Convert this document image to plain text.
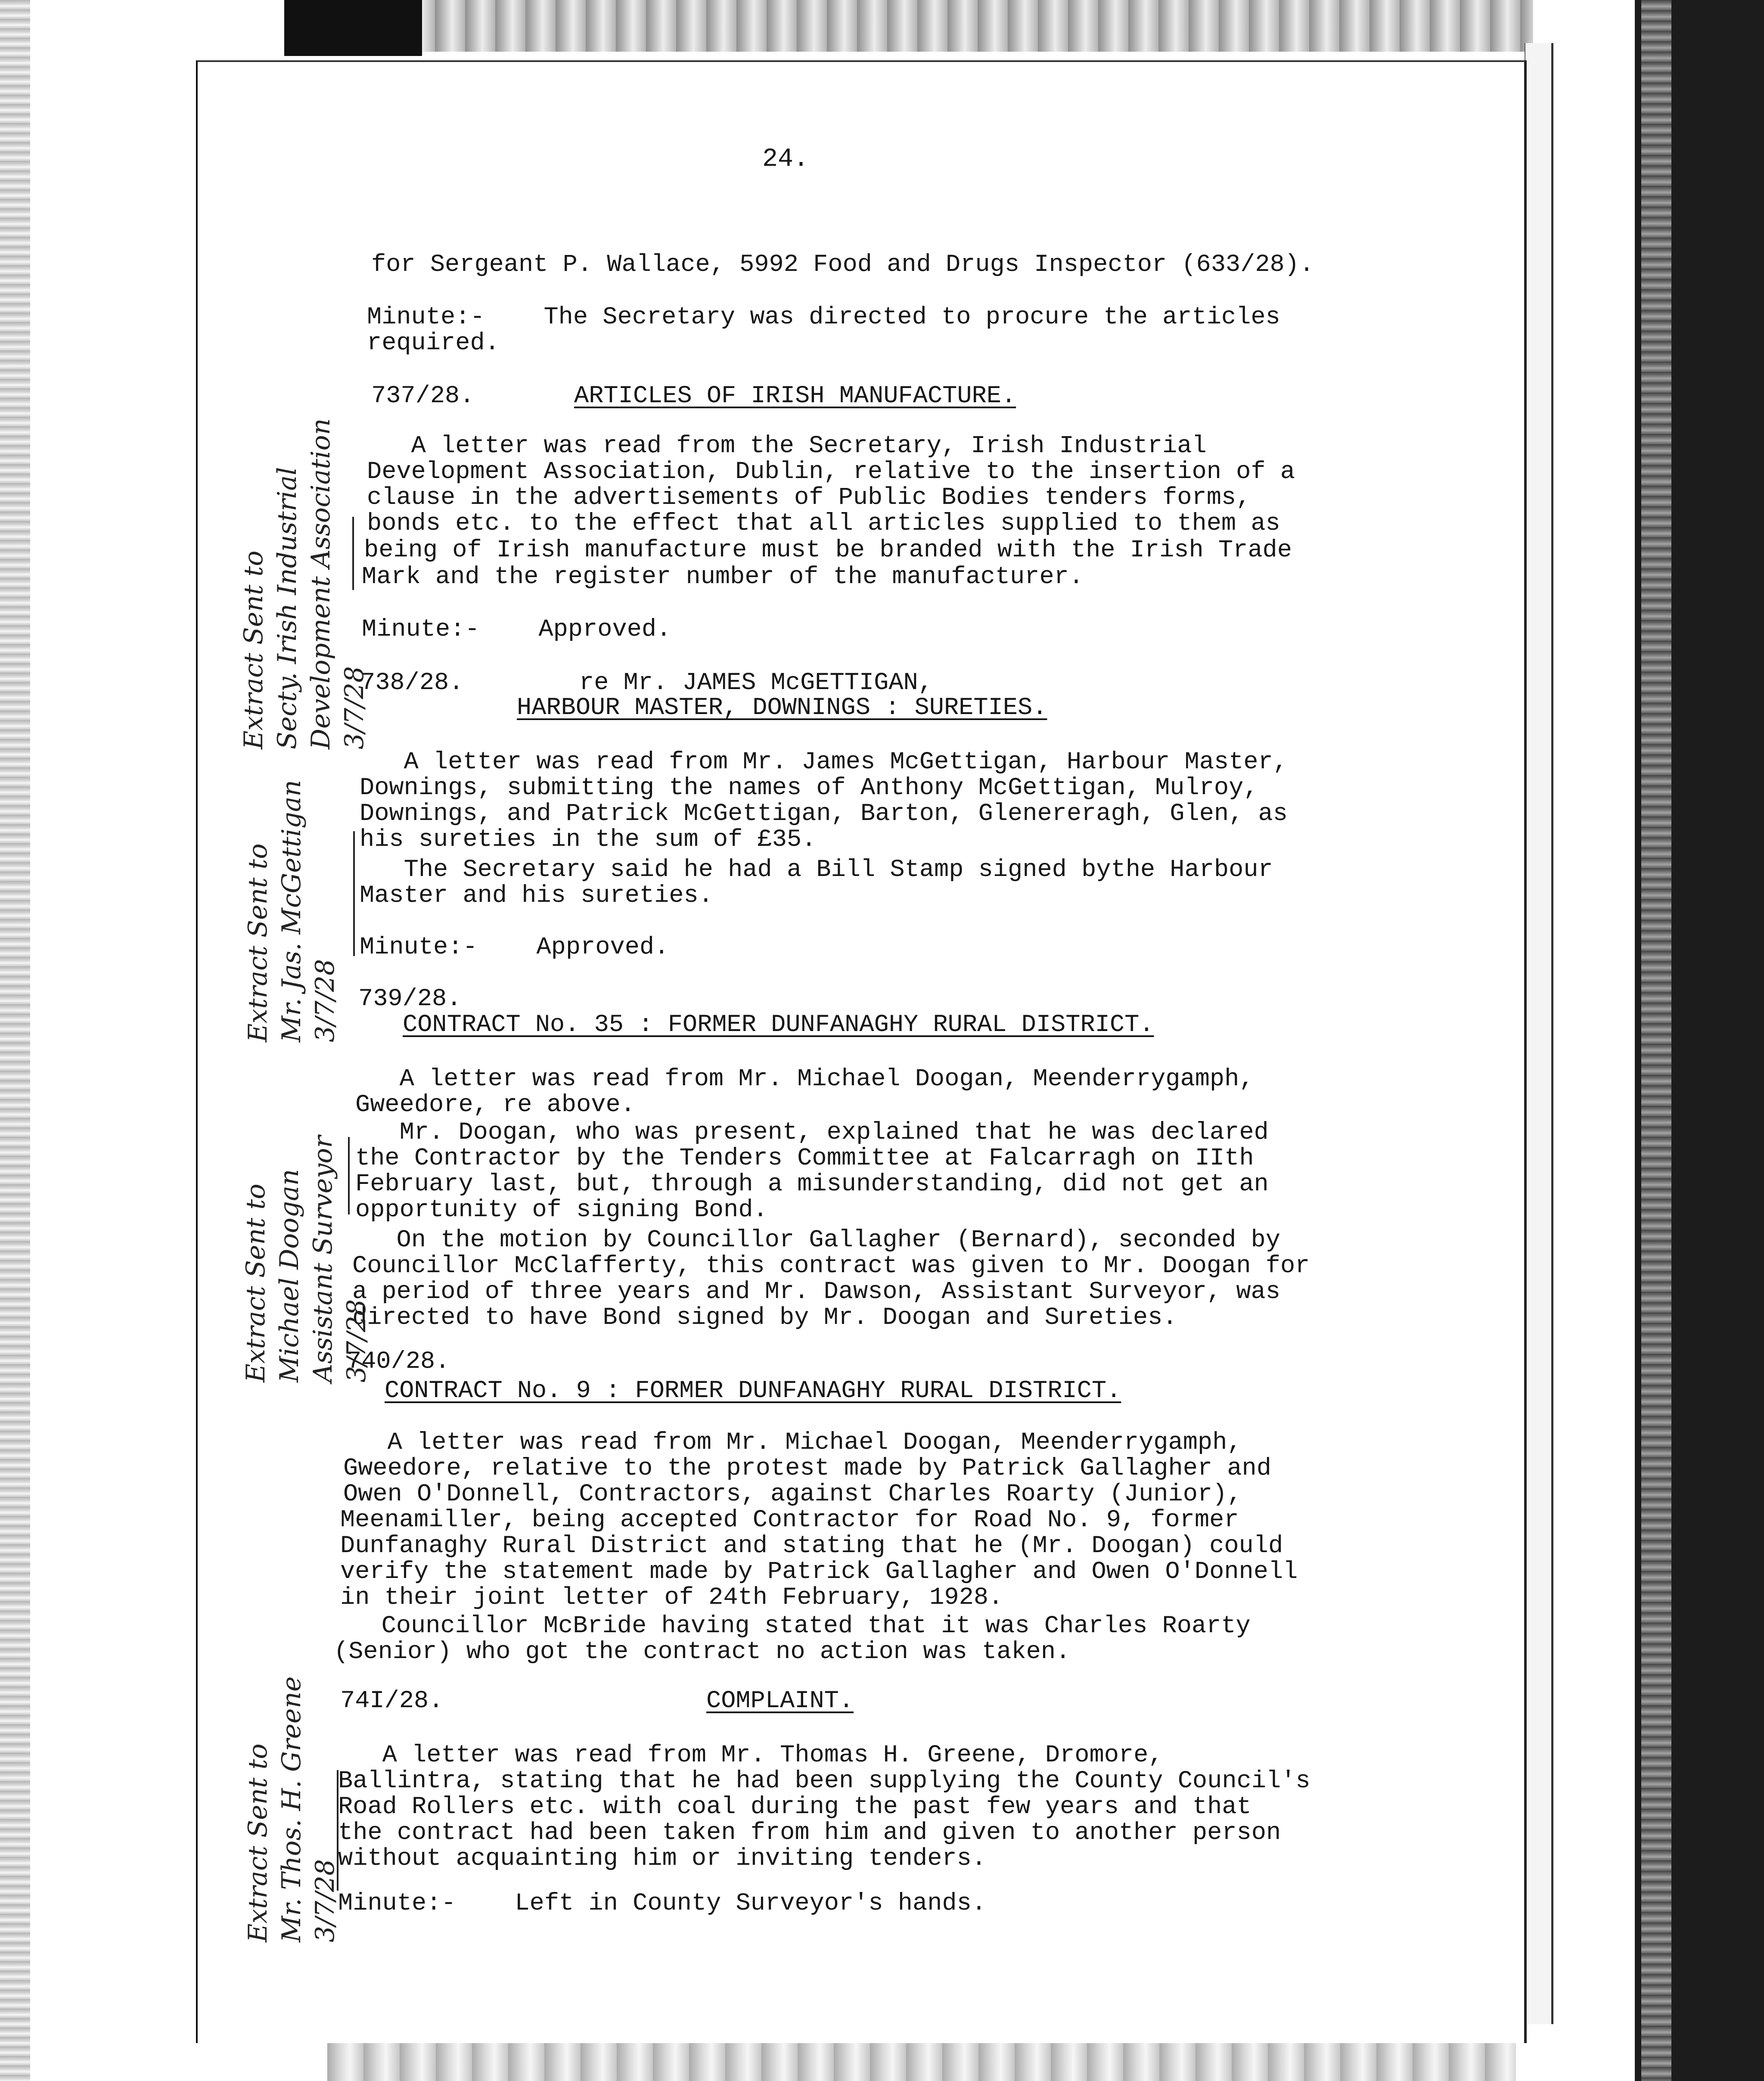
24.
for Sergeant P. Wallace, 5992 Food and Drugs Inspector (633/28).
Minute:-    The Secretary was directed to procure the articles
required.
737/28.	ARTICLES OF IRISH MANUFACTURE.
A letter was read from the Secretary, Irish Industrial
Development Association, Dublin, relative to the insertion of a
clause in the advertisements of Public Bodies tenders forms,
bonds etc. to the effect that all articles supplied to them as
being of Irish manufacture must be branded with the Irish Trade
Mark and the register number of the manufacturer.
Minute:-    Approved.
738/28.	re Mr. JAMES McGETTIGAN,
HARBOUR MASTER, DOWNINGS : SURETIES.
A letter was read from Mr. James McGettigan, Harbour Master,
Downings, submitting the names of Anthony McGettigan, Mulroy,
Downings, and Patrick McGettigan, Barton, Glenereragh, Glen, as
his sureties in the sum of £35.
The Secretary said he had a Bill Stamp signed bythe Harbour
Master and his sureties.
Minute:-    Approved.
739/28.
CONTRACT No. 35 : FORMER DUNFANAGHY RURAL DISTRICT.
A letter was read from Mr. Michael Doogan, Meenderrygamph,
Gweedore, re above.
Mr. Doogan, who was present, explained that he was declared
the Contractor by the Tenders Committee at Falcarragh on IIth
February last, but, through a misunderstanding, did not get an
opportunity of signing Bond.
On the motion by Councillor Gallagher (Bernard), seconded by
Councillor McClafferty, this contract was given to Mr. Doogan for
a period of three years and Mr. Dawson, Assistant Surveyor, was
directed to have Bond signed by Mr. Doogan and Sureties.
740/28.
CONTRACT No. 9 : FORMER DUNFANAGHY RURAL DISTRICT.
A letter was read from Mr. Michael Doogan, Meenderrygamph,
Gweedore, relative to the protest made by Patrick Gallagher and
Owen O'Donnell, Contractors, against Charles Roarty (Junior),
Meenamiller, being accepted Contractor for Road No. 9, former
Dunfanaghy Rural District and stating that he (Mr. Doogan) could
verify the statement made by Patrick Gallagher and Owen O'Donnell
in their joint letter of 24th February, 1928.
Councillor McBride having stated that it was Charles Roarty
(Senior) who got the contract no action was taken.
74I/28.	COMPLAINT.
A letter was read from Mr. Thomas H. Greene, Dromore,
Ballintra, stating that he had been supplying the County Council's
Road Rollers etc. with coal during the past few years and that
the contract had been taken from him and given to another person
without acquainting him or inviting tenders.
Minute:-    Left in County Surveyor's hands.
Extract Sent to
Secty. Irish Industrial
Development Association
3/7/28
Extract Sent to
Mr. Jas. McGettigan
3/7/28
Extract Sent to
Michael Doogan
Assistant Surveyor
3/7/28
Extract Sent to
Mr. Thos. H. Greene
3/7/28
